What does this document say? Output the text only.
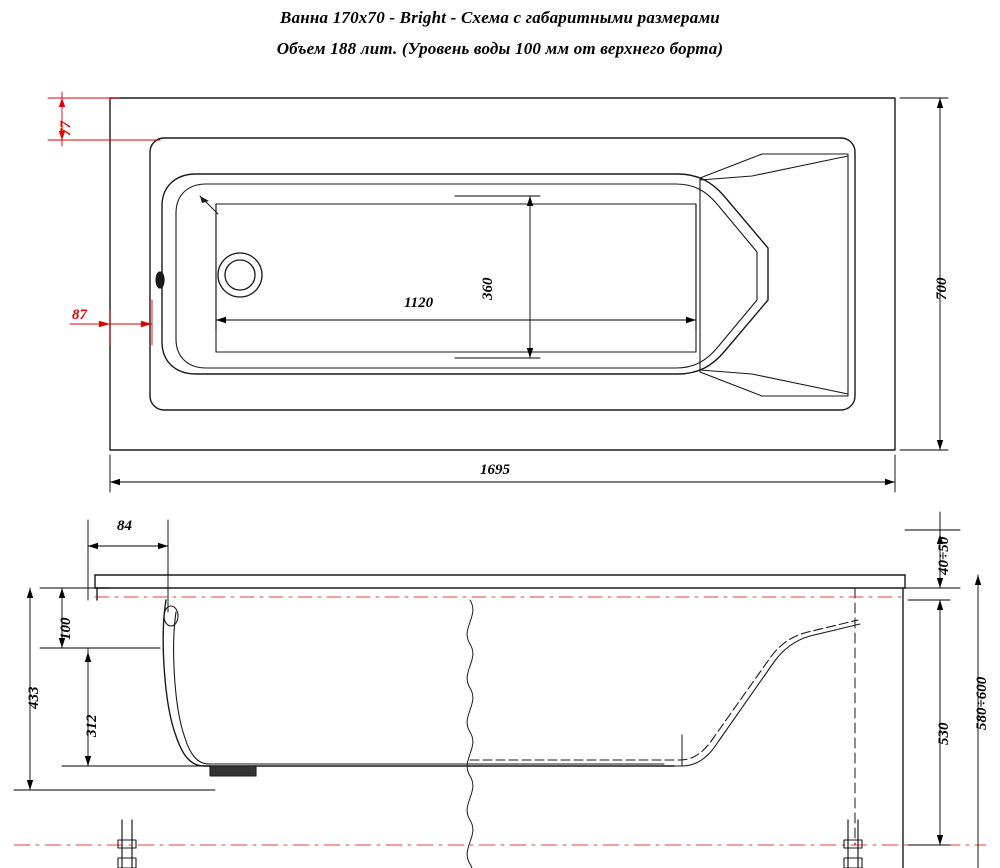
Ванна 170х70 - Bright - Схема с габаритными размерами
Объем 188 лит. (Уровень воды 100 мм от верхнего борта)
77
87
1120
360	700
1695
84
100
312
433
40÷50
530
580÷600
